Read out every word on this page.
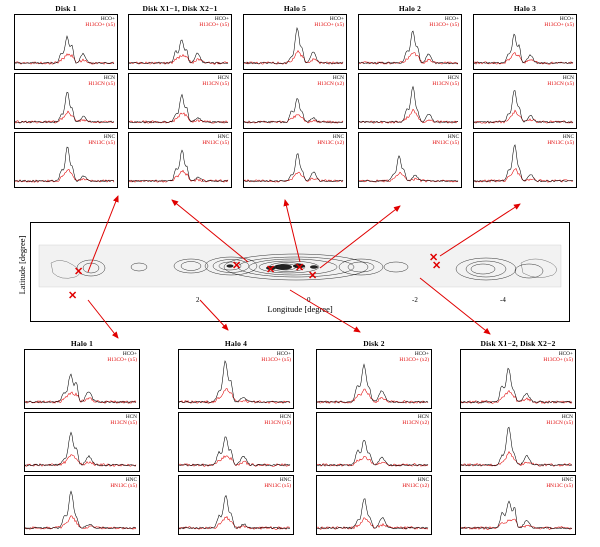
Disk 1
HCO+
H13CO+ (x5)
HCN
H13CN (x5)
HNC
HN13C (x5)
Disk X1−1, Disk X2−1
HCO+
H13CO+ (x5)
HCN
H13CN (x5)
HNC
HN13C (x5)
Halo 5
HCO+
H13CO+ (x5)
HCN
H13CN (x2)
HNC
HN13C (x2)
Halo 2
HCO+
H13CO+ (x5)
HCN
H13CN (x5)
HNC
HN13C (x5)
Halo 3
HCO+
H13CO+ (x5)
HCN
H13CN (x5)
HNC
HN13C (x5)
Longitude [degree]
Latitude [degree]
2	0	-2	-4
✕
✕	✕ ✕ ✕
✕
✕
✕
Halo 1
HCO+
H13CO+ (x5)
HCN
H13CN (x5)
HNC
HN13C (x5)
Halo 4
HCO+
H13CO+ (x5)
HCN
H13CN (x5)
HNC
HN13C (x5)
Disk 2
HCO+
H13CO+ (x2)
HCN
H13CN (x2)
HNC
HN13C (x2)
Disk X1−2, Disk X2−2
HCO+
H13CO+ (x5)
HCN
H13CN (x5)
HNC
HN13C (x5)
